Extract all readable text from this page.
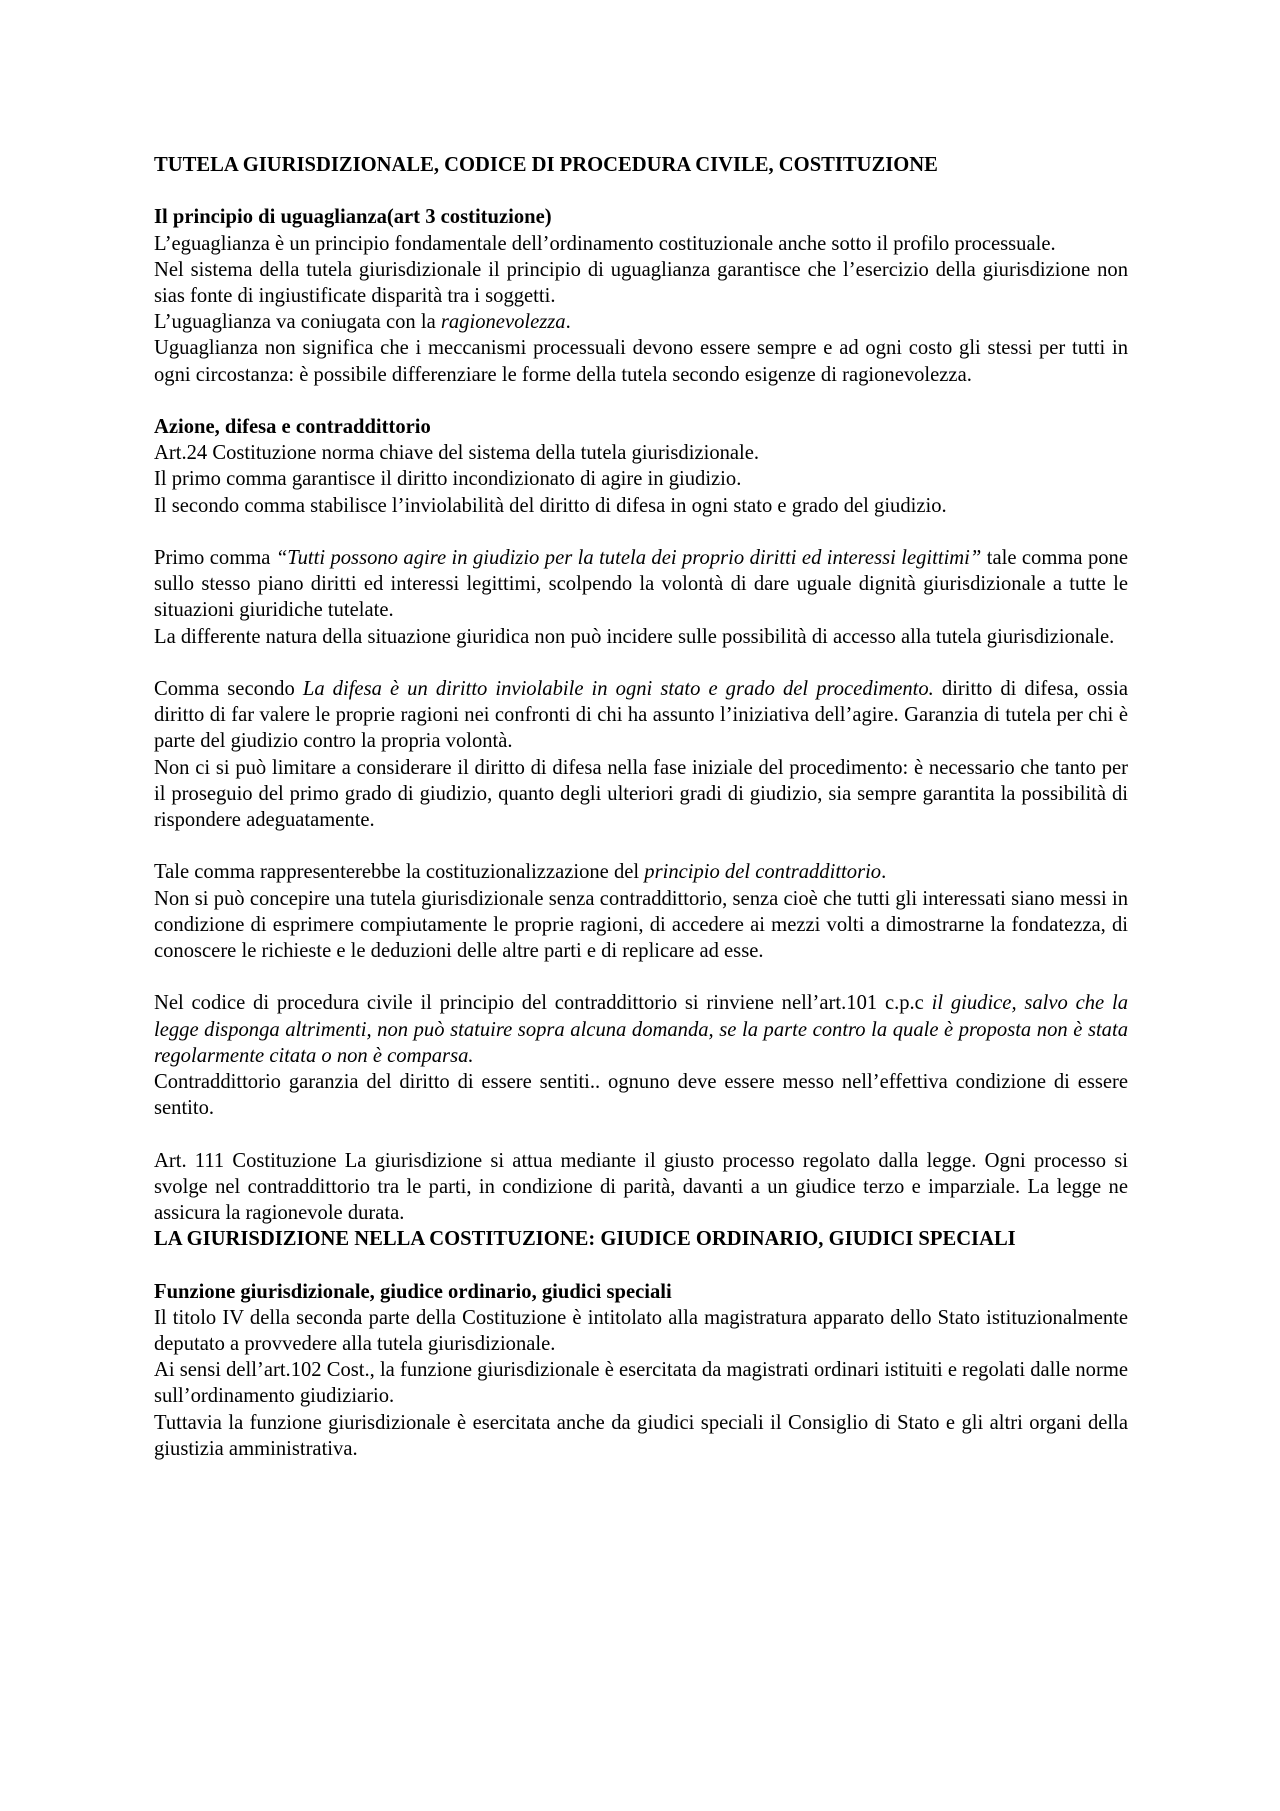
TUTELA GIURISDIZIONALE, CODICE DI PROCEDURA CIVILE, COSTITUZIONE

Il principio di uguaglianza(art 3 costituzione)

L’eguaglianza è un principio fondamentale dell’ordinamento costituzionale anche sotto il profilo processuale.

Nel sistema della tutela giurisdizionale il principio di uguaglianza garantisce che l’esercizio della giurisdizione non sias fonte di ingiustificate disparità tra i soggetti.

L’uguaglianza va coniugata con la ragionevolezza.

Uguaglianza non significa che i meccanismi processuali devono essere sempre e ad ogni costo gli stessi per tutti in ogni circostanza: è possibile differenziare le forme della tutela secondo esigenze di ragionevolezza.

Azione, difesa e contraddittorio

Art.24 Costituzione norma chiave del sistema della tutela giurisdizionale.

Il primo comma garantisce il diritto incondizionato di agire in giudizio.

Il secondo comma stabilisce l’inviolabilità del diritto di difesa in ogni stato e grado del giudizio.

Primo comma “Tutti possono agire in giudizio per la tutela dei proprio diritti ed interessi legittimi” tale comma pone sullo stesso piano diritti ed interessi legittimi, scolpendo la volontà di dare uguale dignità giurisdizionale a tutte le situazioni giuridiche tutelate.

La differente natura della situazione giuridica non può incidere sulle possibilità di accesso alla tutela giurisdizionale.

Comma secondo La difesa è un diritto inviolabile in ogni stato e grado del procedimento. diritto di difesa, ossia diritto di far valere le proprie ragioni nei confronti di chi ha assunto l’iniziativa dell’agire. Garanzia di tutela per chi è parte del giudizio contro la propria volontà.

Non ci si può limitare a considerare il diritto di difesa nella fase iniziale del procedimento: è necessario che tanto per il proseguio del primo grado di giudizio, quanto degli ulteriori gradi di giudizio, sia sempre garantita la possibilità di rispondere adeguatamente.

Tale comma rappresenterebbe la costituzionalizzazione del principio del contraddittorio.

Non si può concepire una tutela giurisdizionale senza contraddittorio, senza cioè che tutti gli interessati siano messi in condizione di esprimere compiutamente le proprie ragioni, di accedere ai mezzi volti a dimostrarne la fondatezza, di conoscere le richieste e le deduzioni delle altre parti e di replicare ad esse.

Nel codice di procedura civile il principio del contraddittorio si rinviene nell’art.101 c.p.c il giudice, salvo che la legge disponga altrimenti, non può statuire sopra alcuna domanda, se la parte contro la quale è proposta non è stata regolarmente citata o non è comparsa.

Contraddittorio garanzia del diritto di essere sentiti.. ognuno deve essere messo nell’effettiva condizione di essere sentito.

Art. 111 Costituzione La giurisdizione si attua mediante il giusto processo regolato dalla legge. Ogni processo si svolge nel contraddittorio tra le parti, in condizione di parità, davanti a un giudice terzo e imparziale. La legge ne assicura la ragionevole durata.

LA GIURISDIZIONE NELLA COSTITUZIONE: GIUDICE ORDINARIO, GIUDICI SPECIALI

Funzione giurisdizionale, giudice ordinario, giudici speciali

Il titolo IV della seconda parte della Costituzione è intitolato alla magistratura apparato dello Stato istituzionalmente deputato a provvedere alla tutela giurisdizionale.

Ai sensi dell’art.102 Cost., la funzione giurisdizionale è esercitata da magistrati ordinari istituiti e regolati dalle norme sull’ordinamento giudiziario.

Tuttavia la funzione giurisdizionale è esercitata anche da giudici speciali il Consiglio di Stato e gli altri organi della giustizia amministrativa.
